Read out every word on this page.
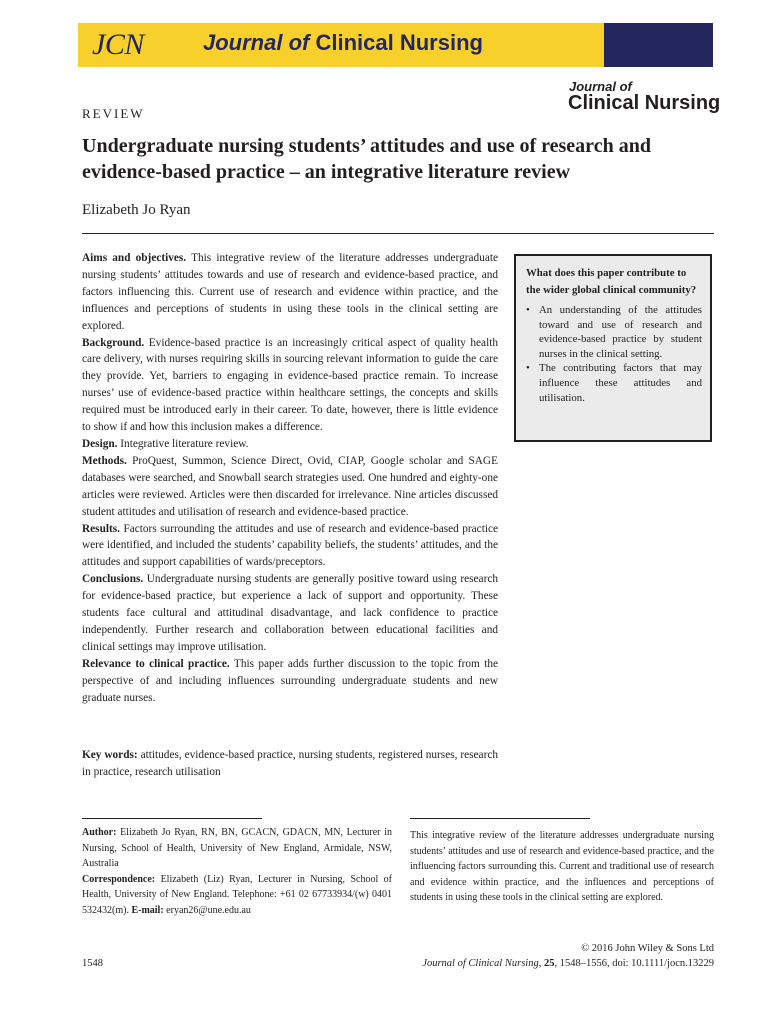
JCN	Journal of Clinical Nursing
Journal of
Clinical Nursing
REVIEW
Undergraduate nursing students’ attitudes and use of research and evidence-based practice – an integrative literature review
Elizabeth Jo Ryan

Aims and objectives. This integrative review of the literature addresses undergraduate nursing students’ attitudes towards and use of research and evidence-based practice, and factors influencing this. Current use of research and evidence within practice, and the influences and perceptions of students in using these tools in the clinical setting are explored.

Background. Evidence-based practice is an increasingly critical aspect of quality health care delivery, with nurses requiring skills in sourcing relevant information to guide the care they provide. Yet, barriers to engaging in evidence-based practice remain. To increase nurses’ use of evidence-based practice within healthcare settings, the concepts and skills required must be introduced early in their career. To date, however, there is little evidence to show if and how this inclusion makes a difference.

Design. Integrative literature review.

Methods. ProQuest, Summon, Science Direct, Ovid, CIAP, Google scholar and SAGE databases were searched, and Snowball search strategies used. One hundred and eighty-one articles were reviewed. Articles were then discarded for irrelevance. Nine articles discussed student attitudes and utilisation of research and evidence-based practice.

Results. Factors surrounding the attitudes and use of research and evidence-based practice were identified, and included the students’ capability beliefs, the students’ attitudes, and the attitudes and support capabilities of wards/preceptors.

Conclusions. Undergraduate nursing students are generally positive toward using research for evidence-based practice, but experience a lack of support and opportunity. These students face cultural and attitudinal disadvantage, and lack confidence to practice independently. Further research and collaboration between educational facilities and clinical settings may improve utilisation.

Relevance to clinical practice. This paper adds further discussion to the topic from the perspective of and including influences surrounding undergraduate students and new graduate nurses.

Key words: attitudes, evidence-based practice, nursing students, registered nurses, research in practice, research utilisation
What does this paper contribute to the wider global clinical community?
• An understanding of the attitudes toward and use of research and evidence-based practice by student nurses in the clinical setting.
• The contributing factors that may influence these attitudes and utilisation.

Author: Elizabeth Jo Ryan, RN, BN, GCACN, GDACN, MN, Lecturer in Nursing, School of Health, University of New England, Armidale, NSW, Australia

Correspondence: Elizabeth (Liz) Ryan, Lecturer in Nursing, School of Health, University of New England. Telephone: +61 02 67733934/(w) 0401 532432(m). E-mail: eryan26@une.edu.au

This integrative review of the literature addresses undergraduate nursing students’ attitudes and use of research and evidence-based practice, and the influencing factors surrounding this. Current and traditional use of research and evidence within practice, and the influences and perceptions of students in using these tools in the clinical setting are explored.
© 2016 John Wiley & Sons Ltd
1548	Journal of Clinical Nursing, 25, 1548–1556, doi: 10.1111/jocn.13229
